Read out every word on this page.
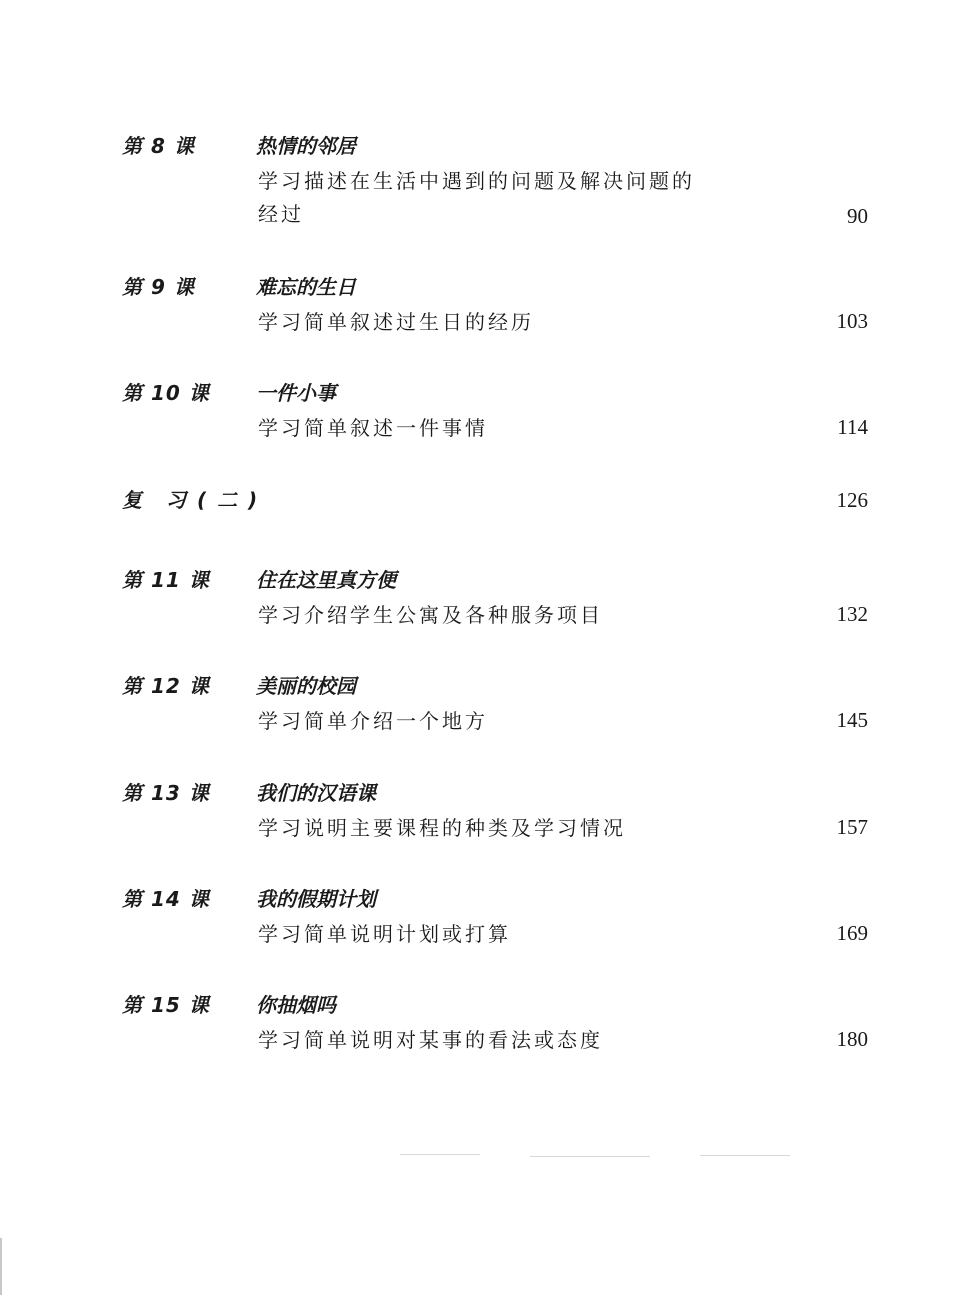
第 8 课	热情的邻居
学习描述在生活中遇到的问题及解决问题的经过	90
第 9 课	难忘的生日
学习简单叙述过生日的经历	103
第 10 课 一件小事
学习简单叙述一件事情	114
复　习 ( 二 )	126
第 11 课 住在这里真方便
学习介绍学生公寓及各种服务项目	132
第 12 课 美丽的校园
学习简单介绍一个地方	145
第 13 课 我们的汉语课
学习说明主要课程的种类及学习情况	157
第 14 课 我的假期计划
学习简单说明计划或打算	169
第 15 课 你抽烟吗
学习简单说明对某事的看法或态度	180
